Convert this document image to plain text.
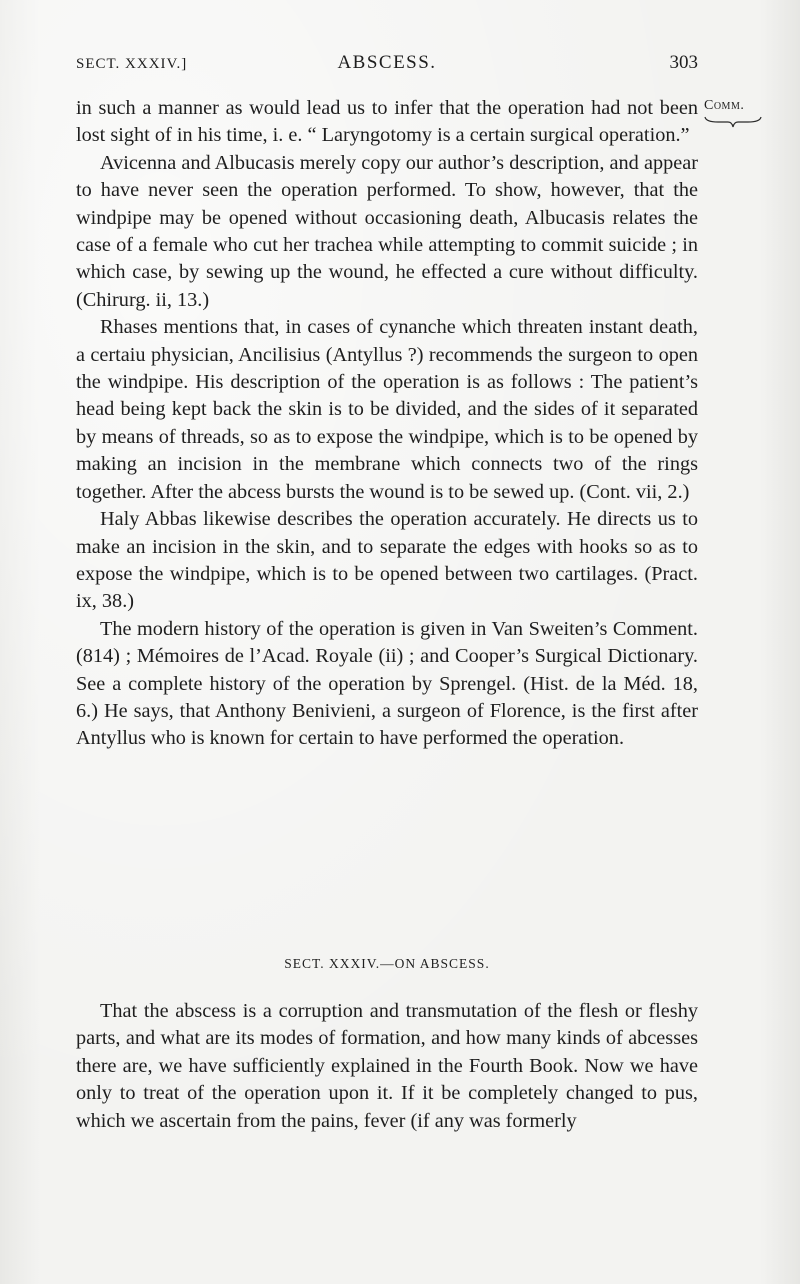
SECT. XXXIV.]	ABSCESS.	303
Comm.

in such a manner as would lead us to infer that the operation had not been lost sight of in his time, i. e. “ Laryngotomy is a certain surgical operation.”

Avicenna and Albucasis merely copy our author’s description, and appear to have never seen the operation performed. To show, however, that the windpipe may be opened without occasioning death, Albucasis relates the case of a female who cut her trachea while attempting to commit suicide ; in which case, by sewing up the wound, he effected a cure without difficulty. (Chirurg. ii, 13.)

Rhases mentions that, in cases of cynanche which threaten instant death, a certaiu physician, Ancilisius (Antyllus ?) recommends the surgeon to open the windpipe. His description of the operation is as follows : The patient’s head being kept back the skin is to be divided, and the sides of it separated by means of threads, so as to expose the windpipe, which is to be opened by making an incision in the membrane which connects two of the rings together. After the abcess bursts the wound is to be sewed up. (Cont. vii, 2.)

Haly Abbas likewise describes the operation accurately. He directs us to make an incision in the skin, and to separate the edges with hooks so as to expose the windpipe, which is to be opened between two cartilages. (Pract. ix, 38.)

The modern history of the operation is given in Van Sweiten’s Comment. (814) ; Mémoires de l’Acad. Royale (ii) ; and Cooper’s Surgical Dictionary. See a complete history of the operation by Sprengel. (Hist. de la Méd. 18, 6.) He says, that Anthony Benivieni, a surgeon of Florence, is the first after Antyllus who is known for certain to have performed the operation.

SECT. XXXIV.—ON ABSCESS.

That the abscess is a corruption and transmutation of the flesh or fleshy parts, and what are its modes of formation, and how many kinds of abcesses there are, we have sufficiently explained in the Fourth Book. Now we have only to treat of the operation upon it. If it be completely changed to pus, which we ascertain from the pains, fever (if any was formerly
